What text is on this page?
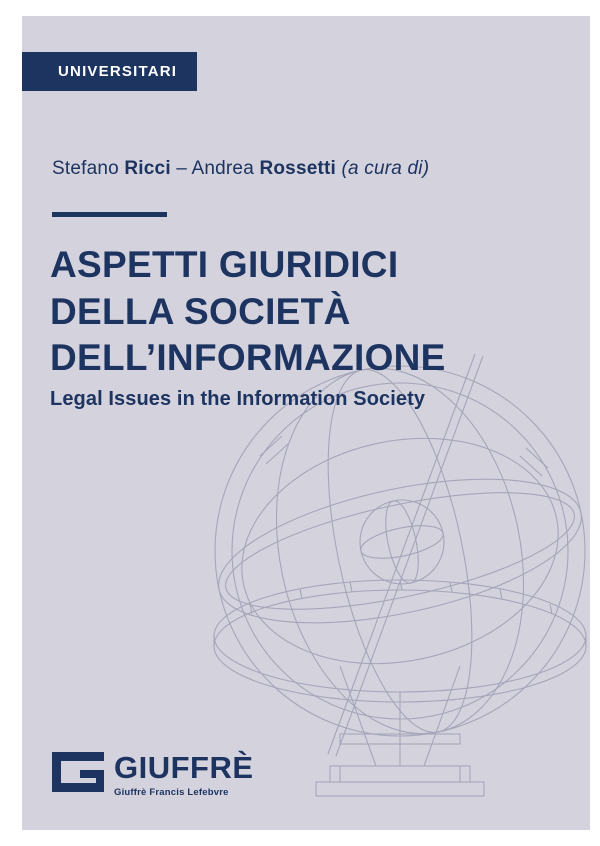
UNIVERSITARI
Stefano Ricci – Andrea Rossetti (a cura di)
ASPETTI GIURIDICI
DELLA SOCIETÀ
DELL’INFORMAZIONE
Legal Issues in the Information Society
GIUFFRÈ
Giuffrè Francis Lefebvre
